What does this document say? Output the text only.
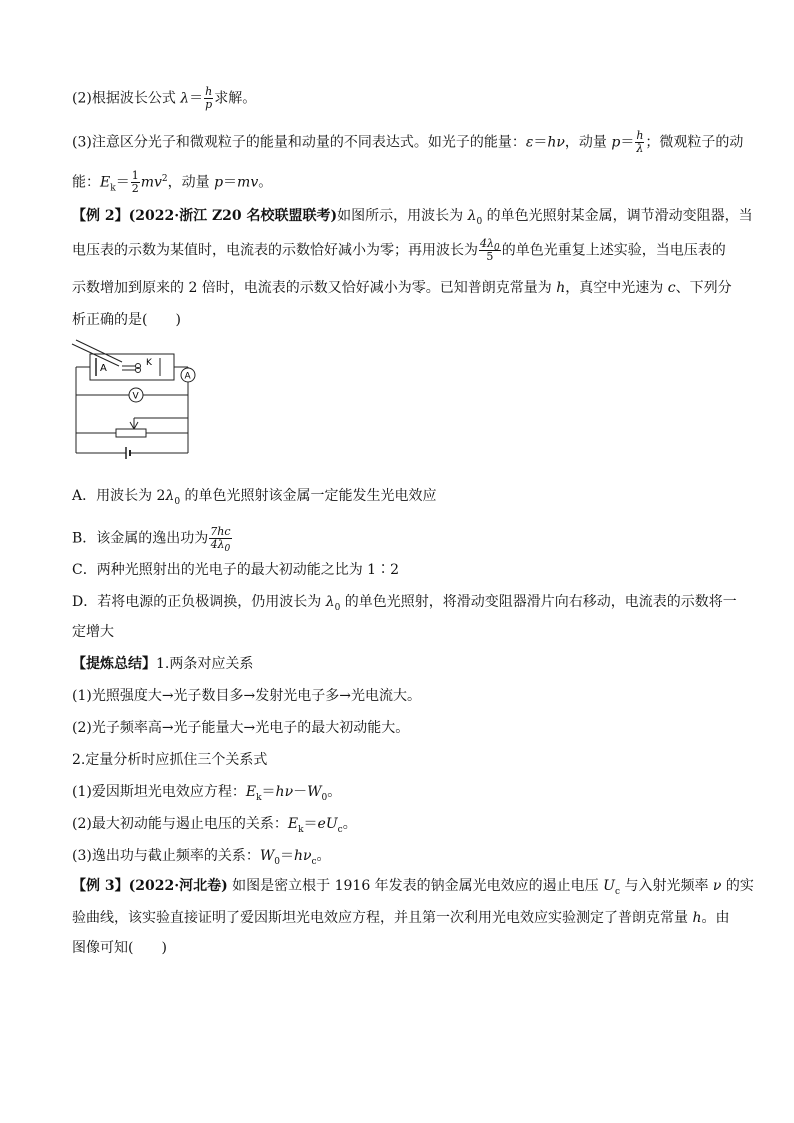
(2)根据波长公式 $\lambda= \frac{h}{p}$ 求解。
(3)注意区分光子和微观粒子的能量和动量的不同表达式。如光子的能量：ε＝hν，动量 $p= \frac{h}{\lambda}$ ；微观粒子的动
能：$E_k= \frac{1}{2} mv^2$，动量 p＝mv。
【例 2】(2022·浙江 Z20 名校联盟联考)如图所示，用波长为 $\lambda_0$ 的单色光照射某金属，调节滑动变阻器，当
电压表的示数为某值时，电流表的示数恰好减小为零；再用波长为 $\frac{4\lambda_0}{5}$ 的单色光重复上述实验，当电压表的
示数增加到原来的 2 倍时，电流表的示数又恰好减小为零。已知普朗克常量为 h，真空中光速为 c、下列分
析正确的是(　　)
A	K
V
A
A．用波长为 $2\lambda_0$ 的单色光照射该金属一定能发生光电效应
B．该金属的逸出功为 $\frac{7hc}{4\lambda_0}$
C．两种光照射出的光电子的最大初动能之比为 1∶2
D．若将电源的正负极调换，仍用波长为 $\lambda_0$ 的单色光照射，将滑动变阻器滑片向右移动，电流表的示数将一
定增大
【提炼总结】1.两条对应关系
(1)光照强度大→光子数目多→发射光电子多→光电流大。
(2)光子频率高→光子能量大→光电子的最大初动能大。
2.定量分析时应抓住三个关系式
(1)爱因斯坦光电效应方程：$E_k=h\nu-W_0$。
(2)最大初动能与遏止电压的关系：$E_k=eU_c$。
(3)逸出功与截止频率的关系：$W_0=h\nu_c$。
【例 3】(2022·河北卷) 如图是密立根于 1916 年发表的钠金属光电效应的遏止电压 $U_c$ 与入射光频率 ν 的实
验曲线，该实验直接证明了爱因斯坦光电效应方程，并且第一次利用光电效应实验测定了普朗克常量 h。由
图像可知(　　)
